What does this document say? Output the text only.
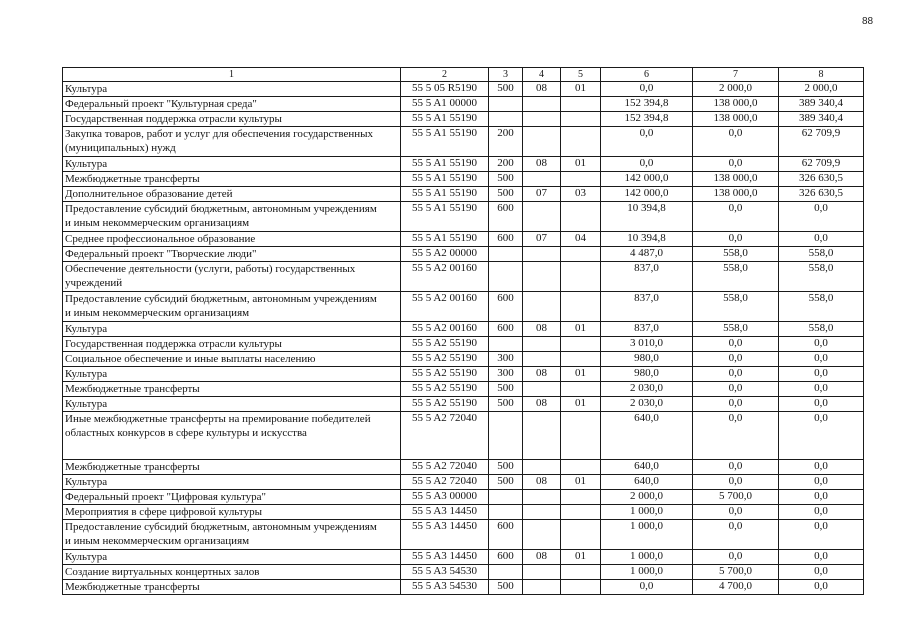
88
1	2	3	4	5	6	7	8

Культура	55 5 05 R5190	500	08	01	0,0	2 000,0	2 000,0

Федеральный проект "Культурная среда"	55 5 A1 00000				152 394,8	138 000,0	389 340,4

Государственная поддержка отрасли культуры	55 5 A1 55190				152 394,8	138 000,0	389 340,4

Закупка товаров, работ и услуг для обеспечения государственных
(муниципальных) нужд	55 5 A1 55190	200			0,0	0,0	62 709,9

Культура	55 5 A1 55190	200	08	01	0,0	0,0	62 709,9

Межбюджетные трансферты	55 5 A1 55190	500			142 000,0	138 000,0	326 630,5

Дополнительное образование детей	55 5 A1 55190	500	07	03	142 000,0	138 000,0	326 630,5

Предоставление субсидий бюджетным, автономным учреждениям
и иным некоммерческим организациям	55 5 A1 55190	600			10 394,8	0,0	0,0

Среднее профессиональное образование	55 5 A1 55190	600	07	04	10 394,8	0,0	0,0

Федеральный проект "Творческие люди"	55 5 A2 00000				4 487,0	558,0	558,0

Обеспечение деятельности (услуги, работы) государственных
учреждений	55 5 A2 00160				837,0	558,0	558,0

Предоставление субсидий бюджетным, автономным учреждениям
и иным некоммерческим организациям	55 5 A2 00160	600			837,0	558,0	558,0

Культура	55 5 A2 00160	600	08	01	837,0	558,0	558,0

Государственная поддержка отрасли культуры	55 5 A2 55190				3 010,0	0,0	0,0

Социальное обеспечение и иные выплаты населению	55 5 A2 55190	300			980,0	0,0	0,0

Культура	55 5 A2 55190	300	08	01	980,0	0,0	0,0

Межбюджетные трансферты	55 5 A2 55190	500			2 030,0	0,0	0,0

Культура	55 5 A2 55190	500	08	01	2 030,0	0,0	0,0

Иные межбюджетные трансферты на премирование победителей
областных конкурсов в сфере культуры и искусства	55 5 A2 72040				640,0	0,0	0,0

Межбюджетные трансферты	55 5 A2 72040	500			640,0	0,0	0,0

Культура	55 5 A2 72040	500	08	01	640,0	0,0	0,0

Федеральный проект "Цифровая культура"	55 5 A3 00000				2 000,0	5 700,0	0,0

Мероприятия в сфере цифровой культуры	55 5 A3 14450				1 000,0	0,0	0,0

Предоставление субсидий бюджетным, автономным учреждениям
и иным некоммерческим организациям	55 5 A3 14450	600			1 000,0	0,0	0,0

Культура	55 5 A3 14450	600	08	01	1 000,0	0,0	0,0

Создание виртуальных концертных залов	55 5 A3 54530				1 000,0	5 700,0	0,0

Межбюджетные трансферты	55 5 A3 54530	500			0,0	4 700,0	0,0
